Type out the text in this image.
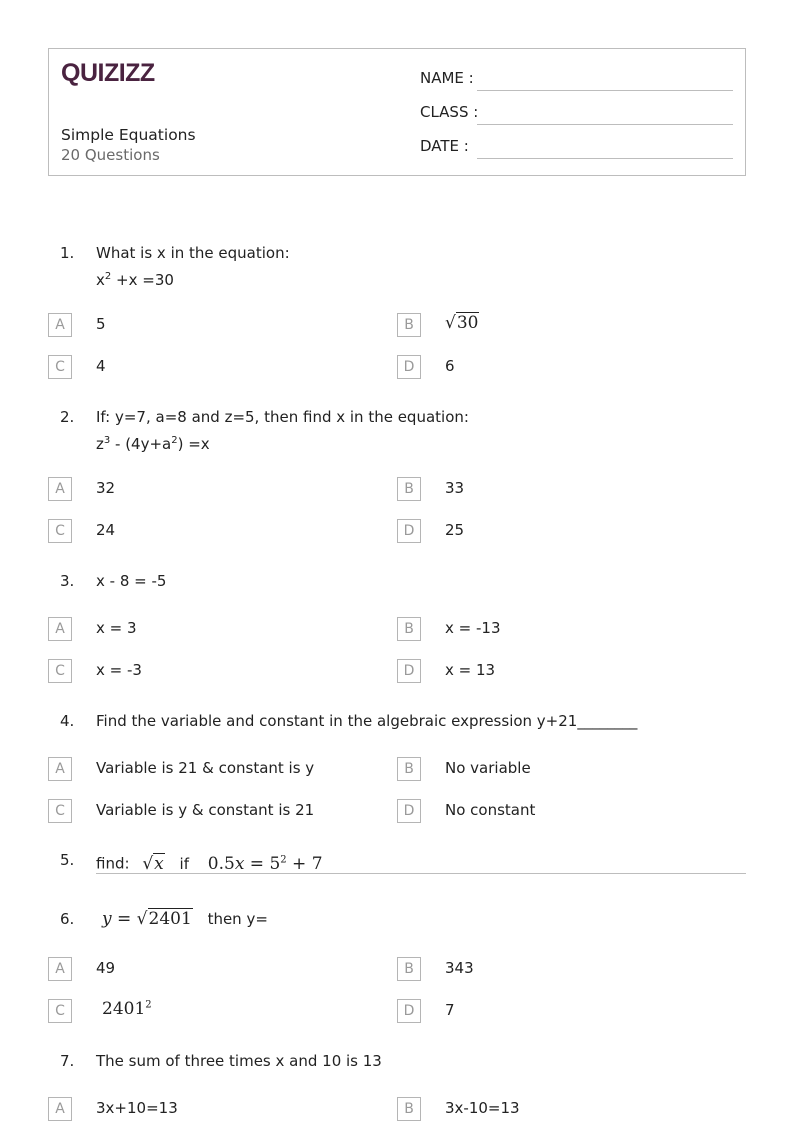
QUIZIZZ
Simple Equations
20 Questions
NAME :
CLASS :
DATE :
1. What is x in the equation:
$x^2 +x =30$
A	5	B	√30
C	4	D	6
2. If: y=7, a=8 and z=5, then find x in the equation:
$z^3 - (4y+a^2) =x$
A	32	B	33
C	24	D	25
3. x - 8 = -5
A	x = 3	B	x = -13
C	x = -3	D	x = 13
4. Find the variable and constant in the algebraic expression y+21________
A	Variable is 21 & constant is y	B	No variable
C	Variable is y & constant is 21	D	No constant
5. find: √x if $0.5x = 5^2 + 7$
6. y = √2401 then y=
A	49	B	343
C	2401$^2$	D	7
7. The sum of three times x and 10 is 13
A	3x+10=13	B	3x-10=13
